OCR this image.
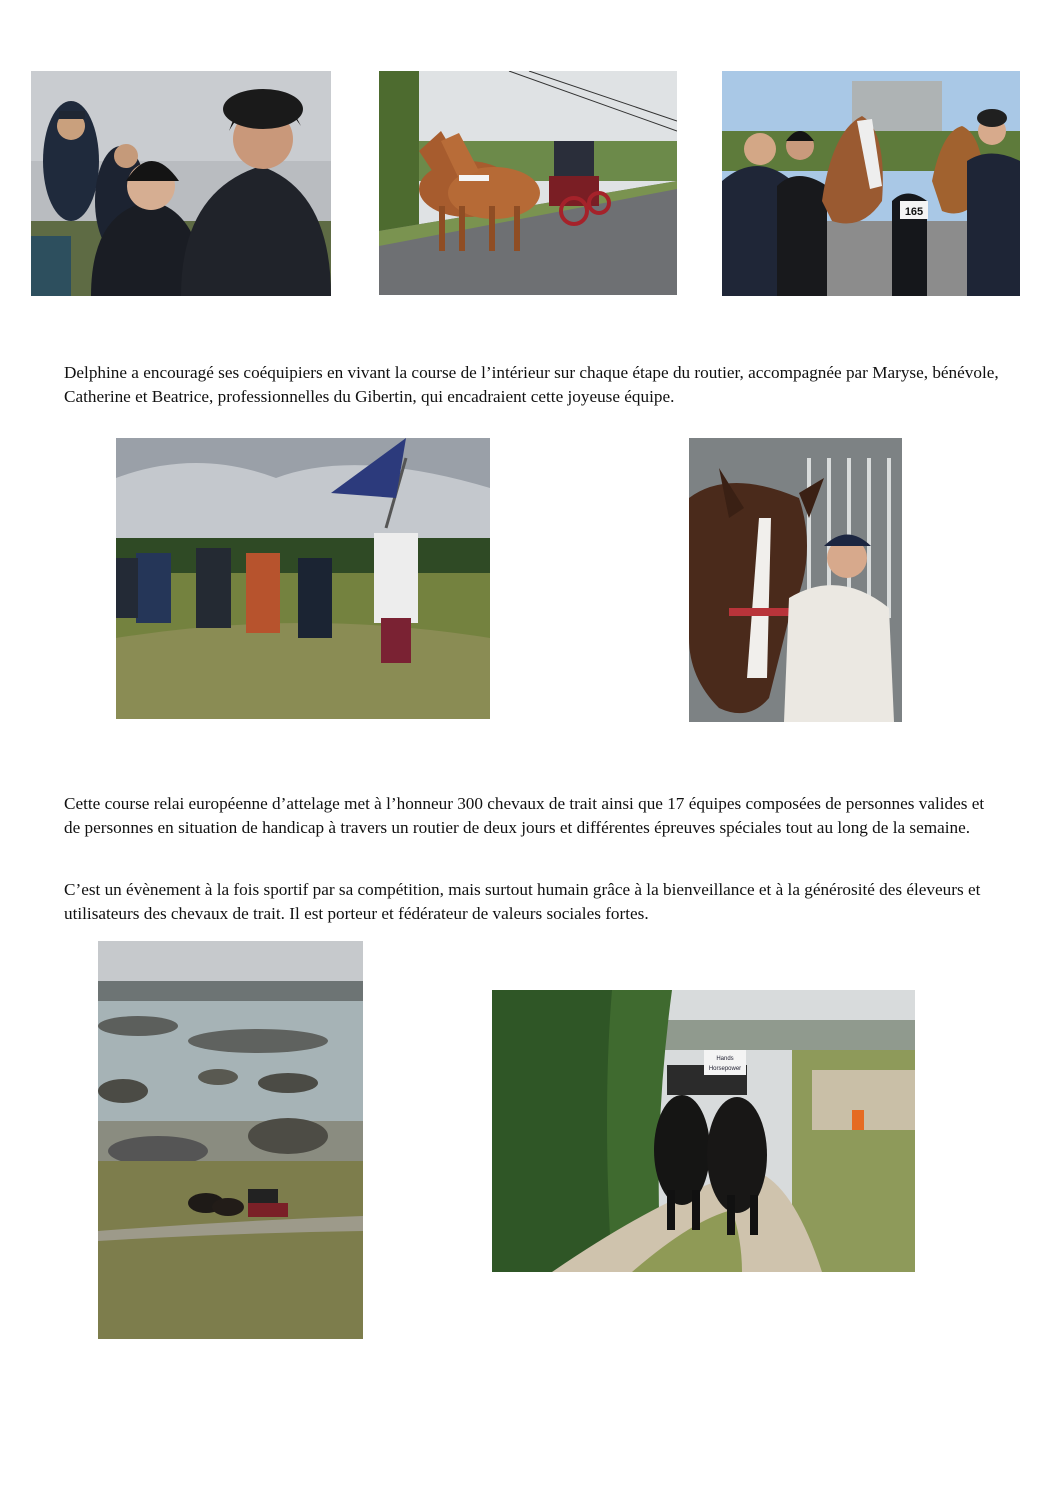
165

Delphine a encouragé ses coéquipiers en vivant la course de l’intérieur sur chaque étape du routier, accompagnée par Maryse, bénévole, Catherine et Beatrice, professionnelles du Gibertin, qui encadraient cette joyeuse équipe.

Cette course relai européenne d’attelage met à l’honneur 300 chevaux de trait ainsi que 17 équipes composées de personnes valides et de personnes en situation de handicap à travers un routier de deux jours et différentes épreuves spéciales tout au long de la semaine.

C’est un évènement à la fois sportif par sa compétition, mais surtout humain grâce à la bienveillance et à la générosité des éleveurs et utilisateurs des chevaux de trait. Il est porteur et fédérateur de valeurs sociales fortes.

Hands
Horsepower
